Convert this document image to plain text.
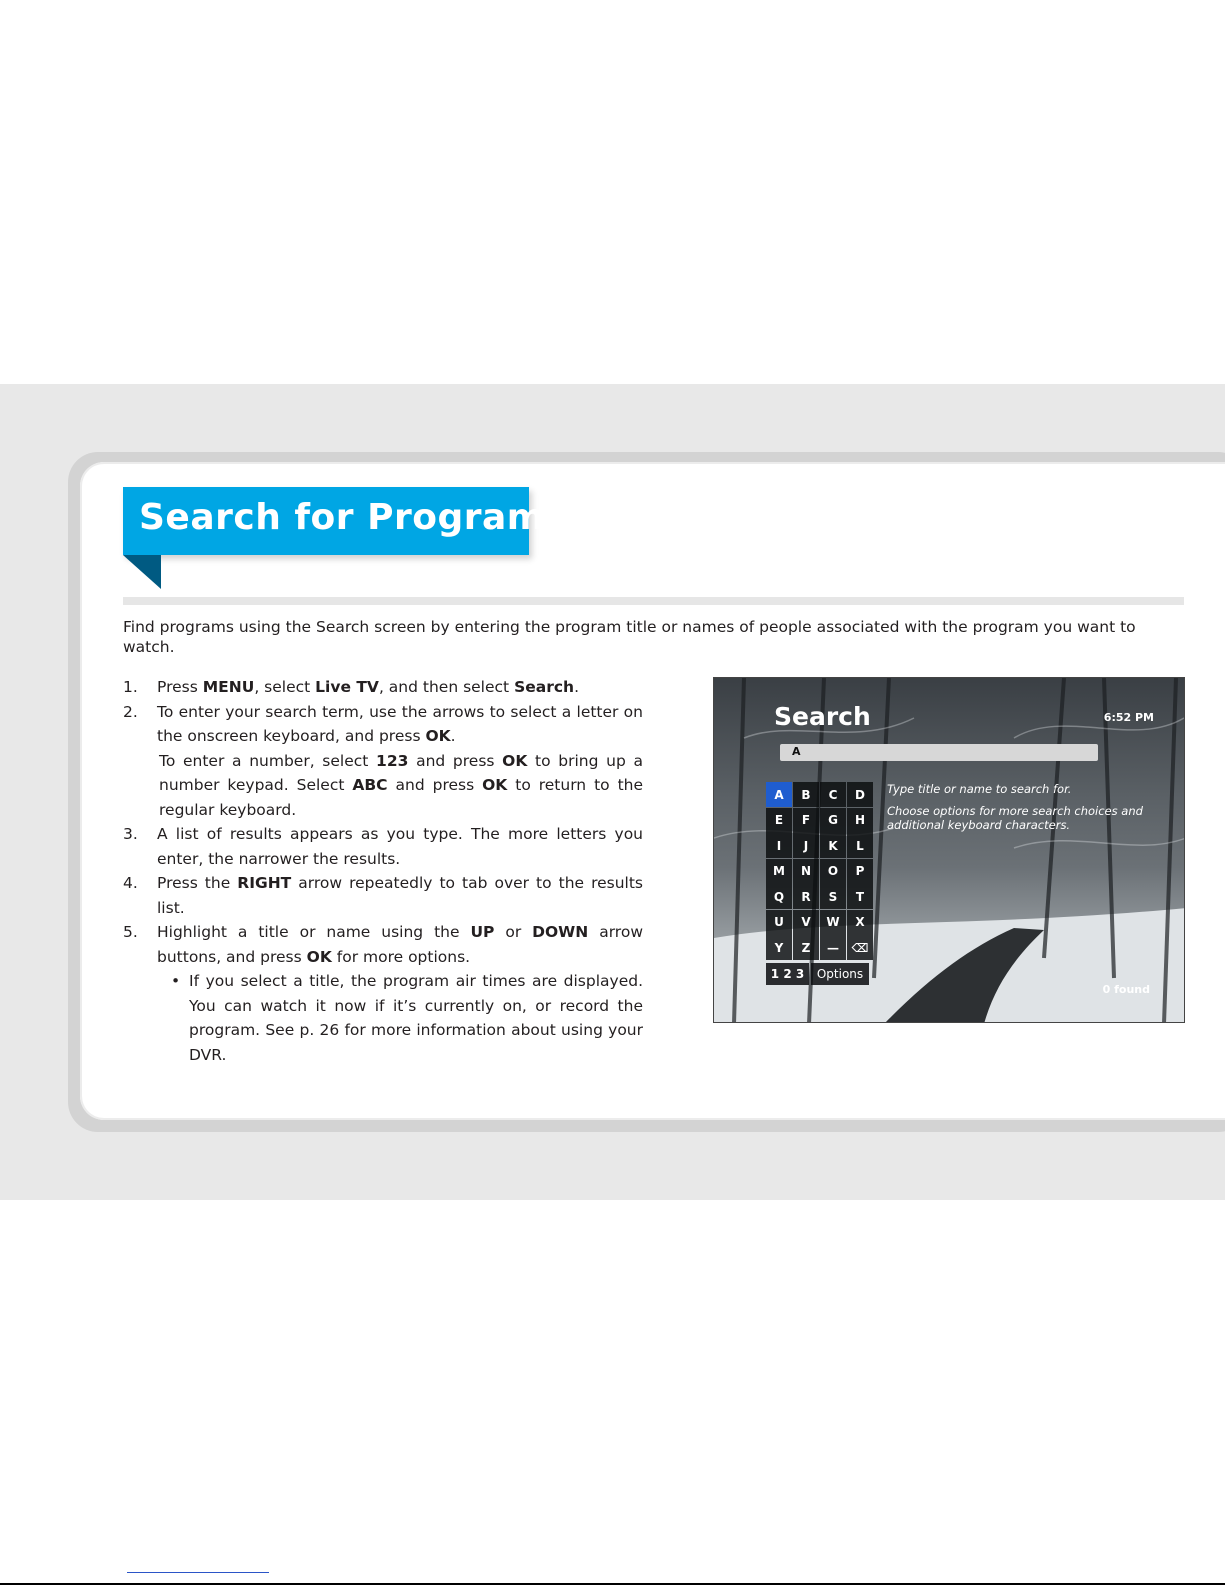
Search for Programs

Find programs using the Search screen by entering the program title or names of people associated with the program you want to watch.

1. Press MENU, select Live TV, and then select Search.
2. To enter your search term, use the arrows to select a letter on the onscreen keyboard, and press OK.
To enter a number, select 123 and press OK to bring up a number keypad. Select ABC and press OK to return to the regular keyboard.
3. A list of results appears as you type. The more letters you enter, the narrower the results.
4. Press the RIGHT arrow repeatedly to tab over to the results list.
5. Highlight a title or name using the UP or DOWN arrow buttons, and press OK for more options.
• If you select a title, the program air times are displayed. You can watch it now if it’s currently on, or record the program. See p. 26 for more information about using your DVR.
Search	6:52 PM
A
A	B	C	D
E	F	G	H
I	J	K	L
M	N	O	P
Q	R	S	T
U	V	W	X
Y	Z	—	⌫
1 2 3	Options
Type title or name to search for.
Choose options for more search choices and additional keyboard characters.
0 found
